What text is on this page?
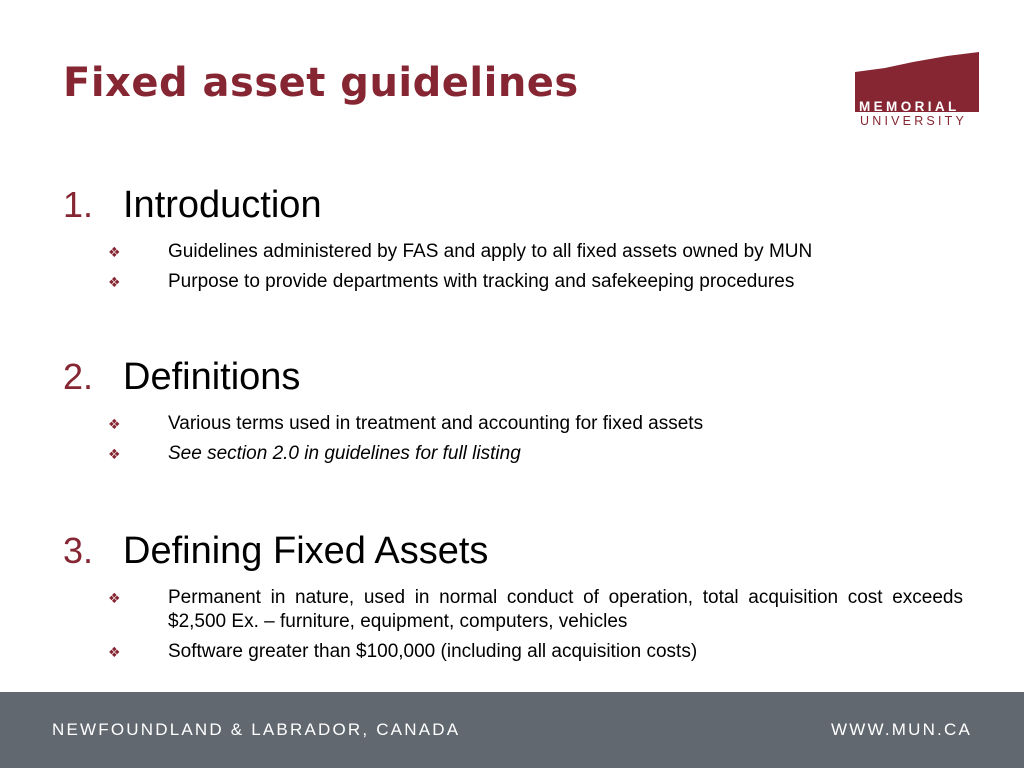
Fixed asset guidelines
MEMORIAL
UNIVERSITY
1. Introduction
❖	Guidelines administered by FAS and apply to all fixed assets owned by MUN
❖	Purpose to provide departments with tracking and safekeeping procedures
2. Definitions
❖	Various terms used in treatment and accounting for fixed assets
❖	See section 2.0 in guidelines for full listing
3. Defining Fixed Assets
❖	Permanent in nature, used in normal conduct of operation, total acquisition cost exceeds $2,500 Ex. – furniture, equipment, computers, vehicles
❖	Software greater than $100,000 (including all acquisition costs)
NEWFOUNDLAND & LABRADOR, CANADA	WWW.MUN.CA
